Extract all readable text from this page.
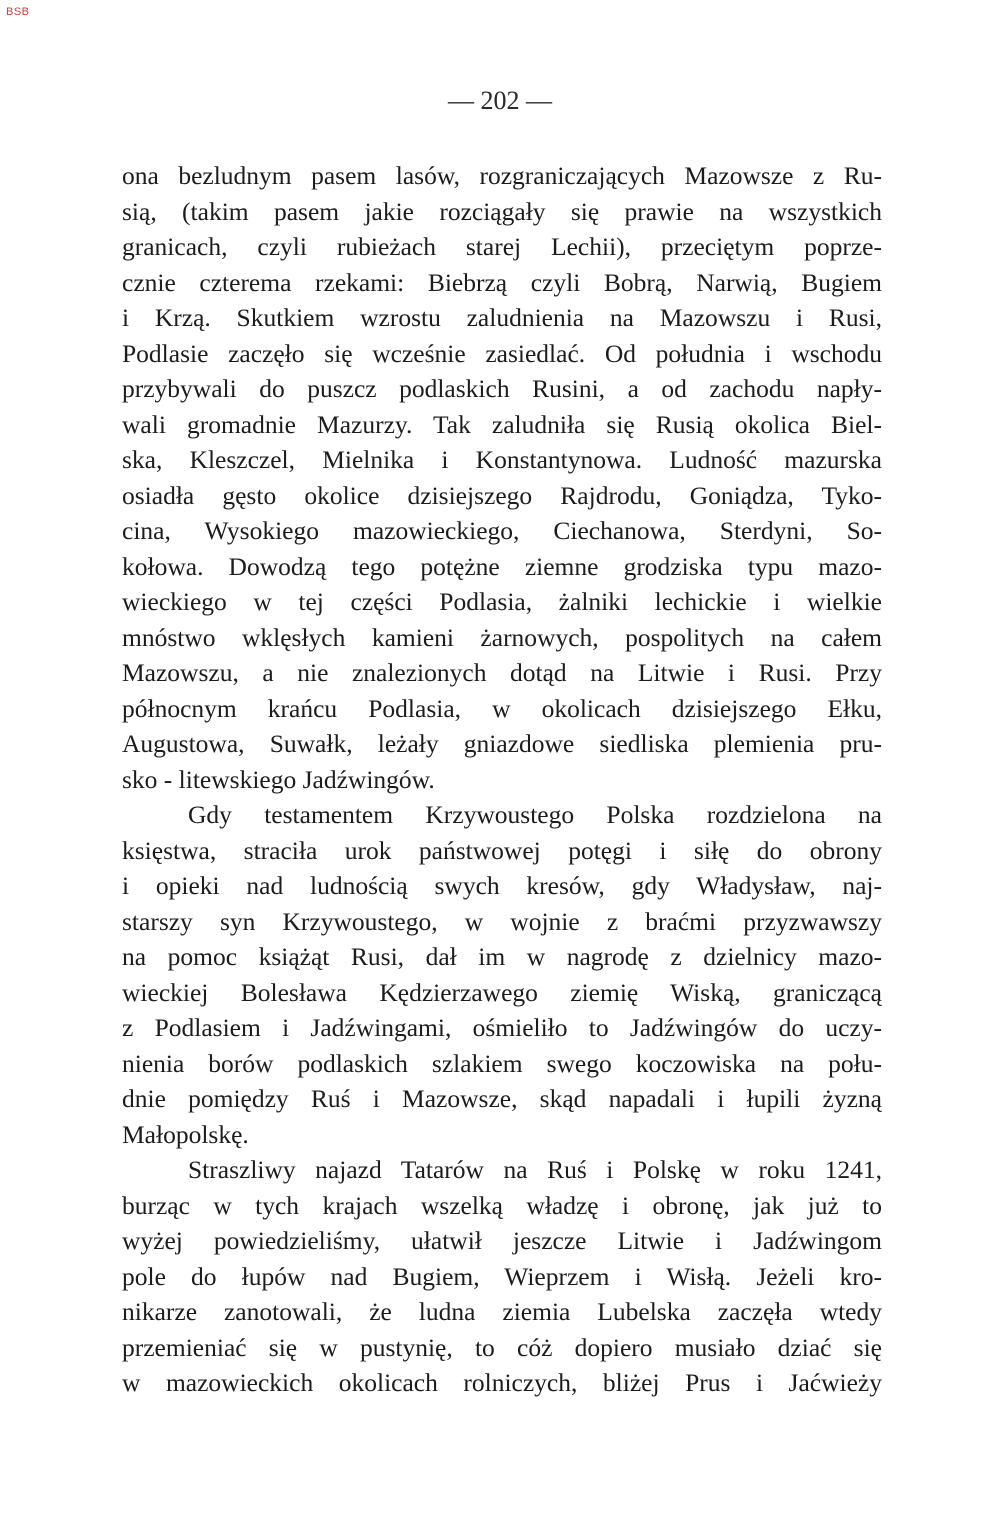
BSB
— 202 —
ona bezludnym pasem lasów, rozgraniczających Mazowsze z Ru-
sią, (takim pasem jakie rozciągały się prawie na wszystkich
granicach, czyli rubieżach starej Lechii), przeciętym poprze-
cznie czterema rzekami: Biebrzą czyli Bobrą, Narwią, Bugiem
i Krzą. Skutkiem wzrostu zaludnienia na Mazowszu i Rusi,
Podlasie zaczęło się wcześnie zasiedlać. Od południa i wschodu
przybywali do puszcz podlaskich Rusini, a od zachodu napły-
wali gromadnie Mazurzy. Tak zaludniła się Rusią okolica Biel-
ska, Kleszczel, Mielnika i Konstantynowa. Ludność mazurska
osiadła gęsto okolice dzisiejszego Rajdrodu, Goniądza, Tyko-
cina, Wysokiego mazowieckiego, Ciechanowa, Sterdyni, So-
kołowa. Dowodzą tego potężne ziemne grodziska typu mazo-
wieckiego w tej części Podlasia, żalniki lechickie i wielkie
mnóstwo wklęsłych kamieni żarnowych, pospolitych na całem
Mazowszu, a nie znalezionych dotąd na Litwie i Rusi. Przy
północnym krańcu Podlasia, w okolicach dzisiejszego Ełku,
Augustowa, Suwałk, leżały gniazdowe siedliska plemienia pru-
sko - litewskiego Jadźwingów.
Gdy testamentem Krzywoustego Polska rozdzielona na
księstwa, straciła urok państwowej potęgi i siłę do obrony
i opieki nad ludnością swych kresów, gdy Władysław, naj-
starszy syn Krzywoustego, w wojnie z braćmi przyzwawszy
na pomoc książąt Rusi, dał im w nagrodę z dzielnicy mazo-
wieckiej Bolesława Kędzierzawego ziemię Wiską, graniczącą
z Podlasiem i Jadźwingami, ośmieliło to Jadźwingów do uczy-
nienia borów podlaskich szlakiem swego koczowiska na połu-
dnie pomiędzy Ruś i Mazowsze, skąd napadali i łupili żyzną
Małopolskę.
Straszliwy najazd Tatarów na Ruś i Polskę w roku 1241,
burząc w tych krajach wszelką władzę i obronę, jak już to
wyżej powiedzieliśmy, ułatwił jeszcze Litwie i Jadźwingom
pole do łupów nad Bugiem, Wieprzem i Wisłą. Jeżeli kro-
nikarze zanotowali, że ludna ziemia Lubelska zaczęła wtedy
przemieniać się w pustynię, to cóż dopiero musiało dziać się
w mazowieckich okolicach rolniczych, bliżej Prus i Jaćwieży
